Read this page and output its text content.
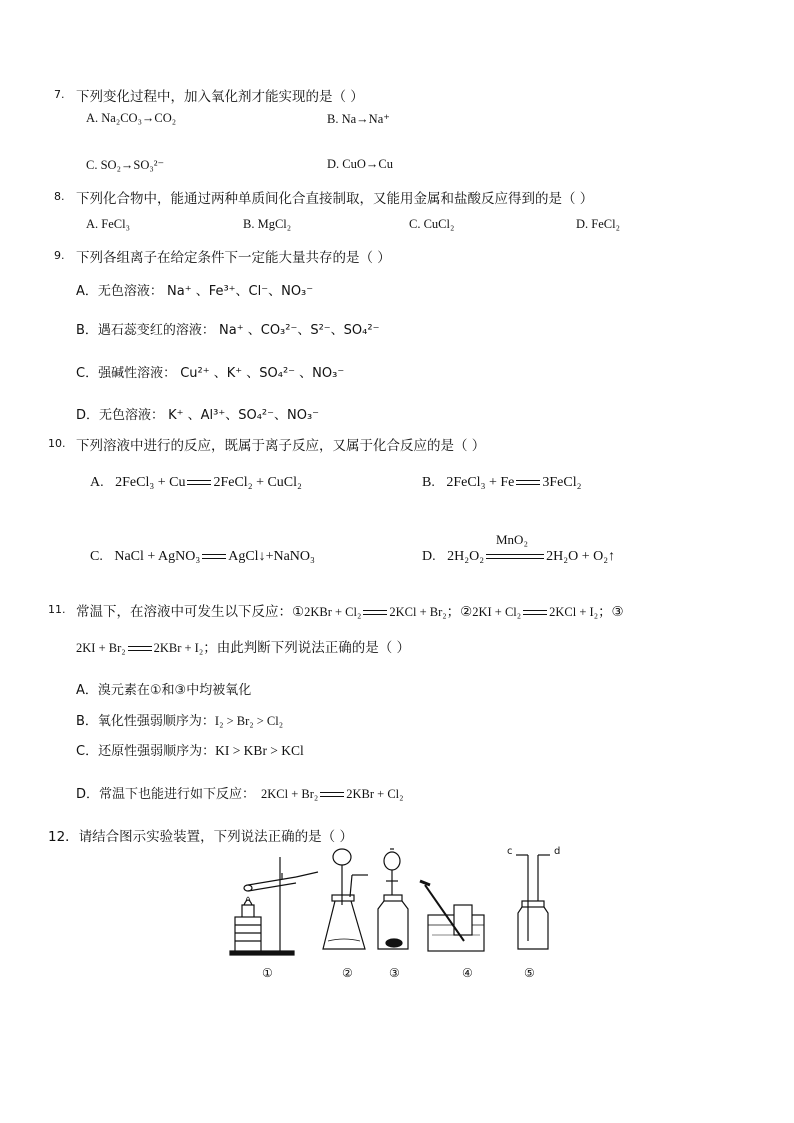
7. 下列变化过程中，加入氧化剂才能实现的是（ ）
A. Na₂CO₃→CO₂	B. Na→Na⁺
C. SO₂→SO₃²⁻	D. CuO→Cu
8. 下列化合物中，能通过两种单质间化合直接制取，又能用金属和盐酸反应得到的是（ ）
A. FeCl₃	B. MgCl₂	C. CuCl₂	D. FeCl₂
9. 下列各组离子在给定条件下一定能大量共存的是（ ）
A．无色溶液： Na⁺ 、Fe³⁺、Cl⁻、NO₃⁻
B．遇石蕊变红的溶液： Na⁺ 、CO₃²⁻、S²⁻、SO₄²⁻
C．强碱性溶液： Cu²⁺ 、K⁺ 、SO₄²⁻ 、NO₃⁻
D．无色溶液： K⁺ 、Al³⁺、SO₄²⁻、NO₃⁻
10. 下列溶液中进行的反应，既属于离子反应，又属于化合反应的是（ ）
A. 2FeCl₃ + Cu 2FeCl₂ + CuCl₂	B. 2FeCl₃ + Fe 3FeCl₂
C. NaCl + AgNO₃ AgCl↓+NaNO₃
MnO₂
D. 2H₂O₂	2H₂O + O₂↑
11. 常温下，在溶液中可发生以下反应：①2KBr + Cl₂ 2KCl + Br₂；②2KI + Cl₂ 2KCl + I₂；③
2KI + Br₂ 2KBr + I₂；由此判断下列说法正确的是（ ）
A．溴元素在①和③中均被氧化
B．氧化性强弱顺序为：I₂ > Br₂ > Cl₂
C．还原性强弱顺序为：KI > KBr > KCl
D．常温下也能进行如下反应： 2KCl + Br₂ 2KBr + Cl₂
12．请结合图示实验装置，下列说法正确的是（ ）
c	d
①	②	③	④	⑤
